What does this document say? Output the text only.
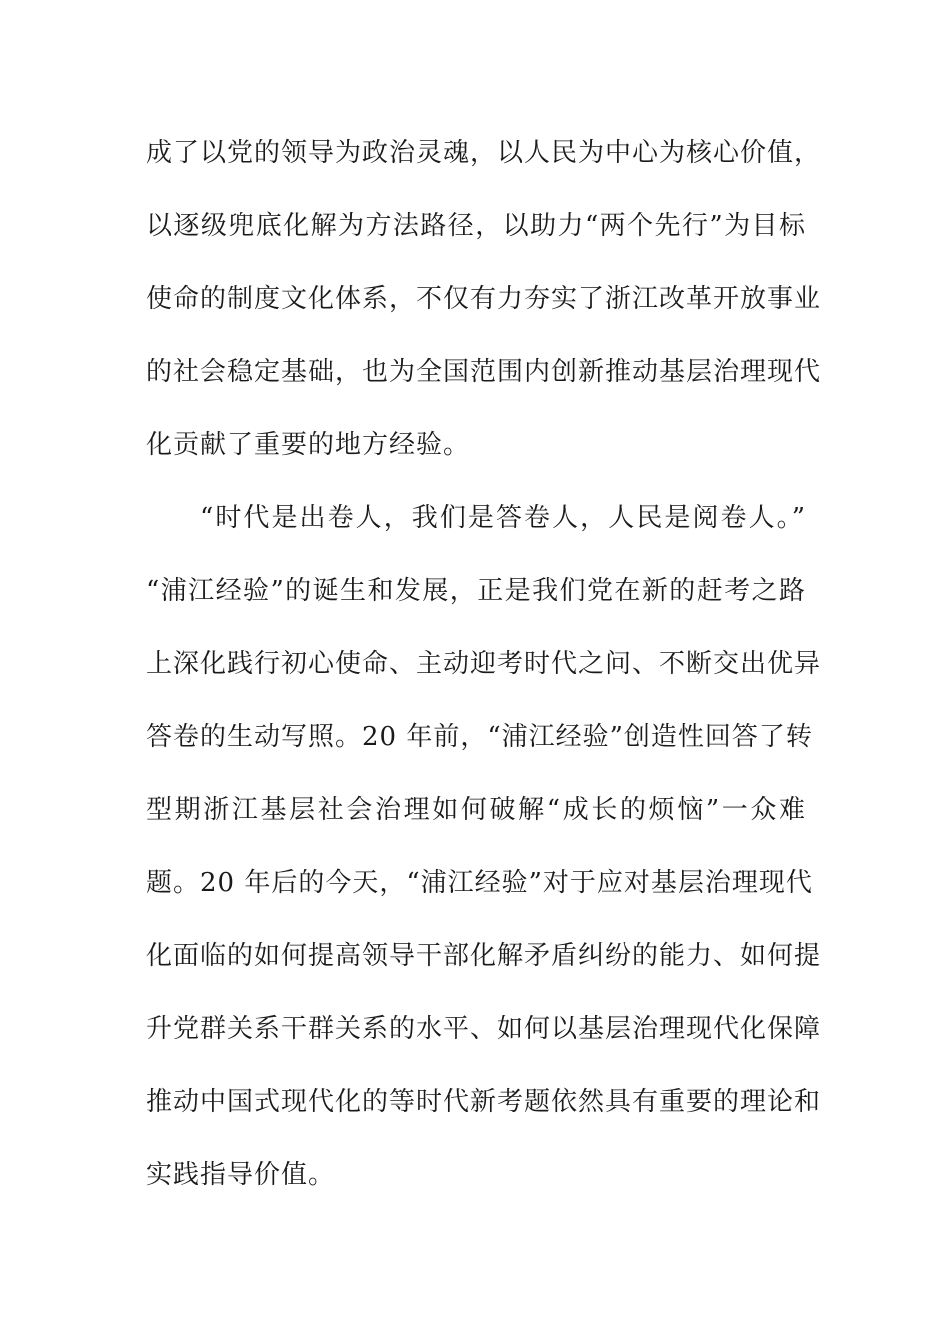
成了以党的领导为政治灵魂，以人民为中心为核心价值，
以逐级兜底化解为方法路径，以助力“两个先行”为目标
使命的制度文化体系，不仅有力夯实了浙江改革开放事业
的社会稳定基础，也为全国范围内创新推动基层治理现代
化贡献了重要的地方经验。
“时代是出卷人，我们是答卷人，人民是阅卷人。”
“浦江经验”的诞生和发展，正是我们党在新的赶考之路
上深化践行初心使命、主动迎考时代之问、不断交出优异
答卷的生动写照。20 年前，“浦江经验”创造性回答了转
型期浙江基层社会治理如何破解“成长的烦恼”一众难
题。20 年后的今天，“浦江经验”对于应对基层治理现代
化面临的如何提高领导干部化解矛盾纠纷的能力、如何提
升党群关系干群关系的水平、如何以基层治理现代化保障
推动中国式现代化的等时代新考题依然具有重要的理论和
实践指导价值。
